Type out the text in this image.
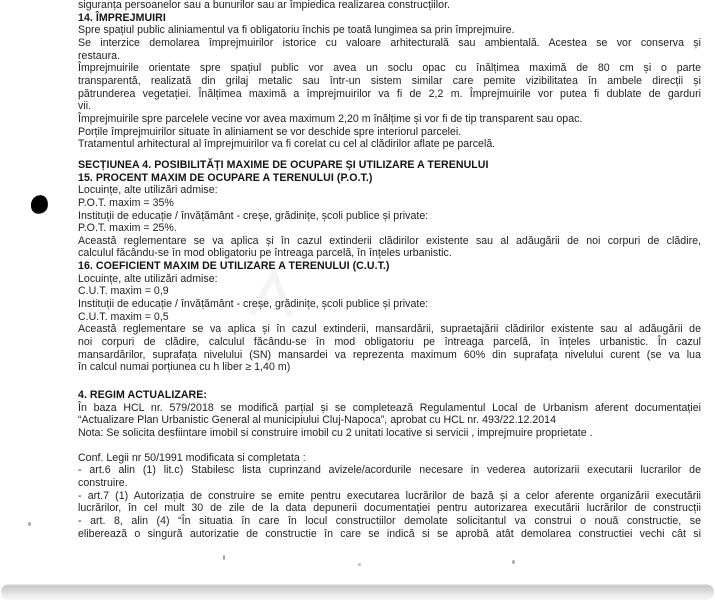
siguranța persoanelor sau a bunurilor sau ar împiedica realizarea construcțiilor.
14. ÎMPREJMUIRI
Spre spațiul public aliniamentul va fi obligatoriu închis pe toată lungimea sa prin împrejmuire.
Se interzice demolarea împrejmuirilor istorice cu valoare arhitecturală sau ambientală. Acestea se vor conserva și
restaura.
Împrejmuirile orientate spre spațiul public vor avea un soclu opac cu înălțimea maximă de 80 cm și o parte
transparentă, realizată din grilaj metalic sau într-un sistem similar care pemite vizibilitatea în ambele direcții și
pătrunderea vegetației. Înălțimea maximă a împrejmuirilor va fi de 2,2 m. Împrejmuirile vor putea fi dublate de garduri
vii.
Împrejmuirile spre parcelele vecine vor avea maximum 2,20 m înălțime și vor fi de tip transparent sau opac.
Porțile împrejmuirilor situate în aliniament se vor deschide spre interiorul parcelei.
Tratamentul arhitectural al împrejmuirilor va fi corelat cu cel al clădirilor aflate pe parcelă.
SECȚIUNEA 4. POSIBILITĂȚI MAXIME DE OCUPARE ȘI UTILIZARE A TERENULUI
15. PROCENT MAXIM DE OCUPARE A TERENULUI (P.O.T.)
Locuințe, alte utilizări admise:
P.O.T. maxim = 35%
Instituții de educație / învățământ - creșe, grădinițe, școli publice și private:
P.O.T. maxim = 25%.
Această reglementare se va aplica și în cazul extinderii clădirilor existente sau al adăugării de noi corpuri de clădire,
calculul făcându-se în mod obligatoriu pe întreaga parcelă, în înțeles urbanistic.
16. COEFICIENT MAXIM DE UTILIZARE A TERENULUI (C.U.T.)
Locuințe, alte utilizări admise:
C.U.T. maxim = 0,9
Instituții de educație / învățământ - creșe, grădinițe, școli publice și private:
C.U.T. maxim = 0,5
Această reglementare se va aplica și în cazul extinderii, mansardării, supraetajării clădirilor existente sau al adăugării de
noi corpuri de clădire, calculul făcându-se în mod obligatoriu pe întreaga parcelă, în înțeles urbanistic. În cazul
mansardărilor, suprafața nivelului (SN) mansardei va reprezenta maximum 60% din suprafața nivelului curent (se va lua
în calcul numai porțiunea cu h liber ≥ 1,40 m)
4. REGIM ACTUALIZARE:
În baza HCL nr. 579/2018 se modifică parțial și se completează Regulamentul Local de Urbanism aferent documentației
“Actualizare Plan Urbanistic General al municipiului Cluj-Napoca”, aprobat cu HCL nr. 493/22.12.2014
Nota: Se solicita desfiintare imobil si construire imobil cu 2 unitati locative si servicii , imprejmuire proprietate .
Conf. Legii nr 50/1991 modificata si completata :
- art.6 alin (1) lit.c) Stabilesc lista cuprinzand avizele/acordurile necesare in vederea autorizarii executarii lucrarilor de
construire.
- art.7 (1) Autorizația de construire se emite pentru executarea lucrărilor de bază și a celor aferente organizării executării
lucrărilor, în cel mult 30 de zile de la data depunerii documentației pentru autorizarea executării lucrărilor de construcții
- art. 8, alin (4) “În situatia în care în locul constructiilor demolate solicitantul va construi o nouă constructie, se
eliberează o singură autorizatie de constructie în care se indică si se aprobă atât demolarea constructiei vechi cât si
